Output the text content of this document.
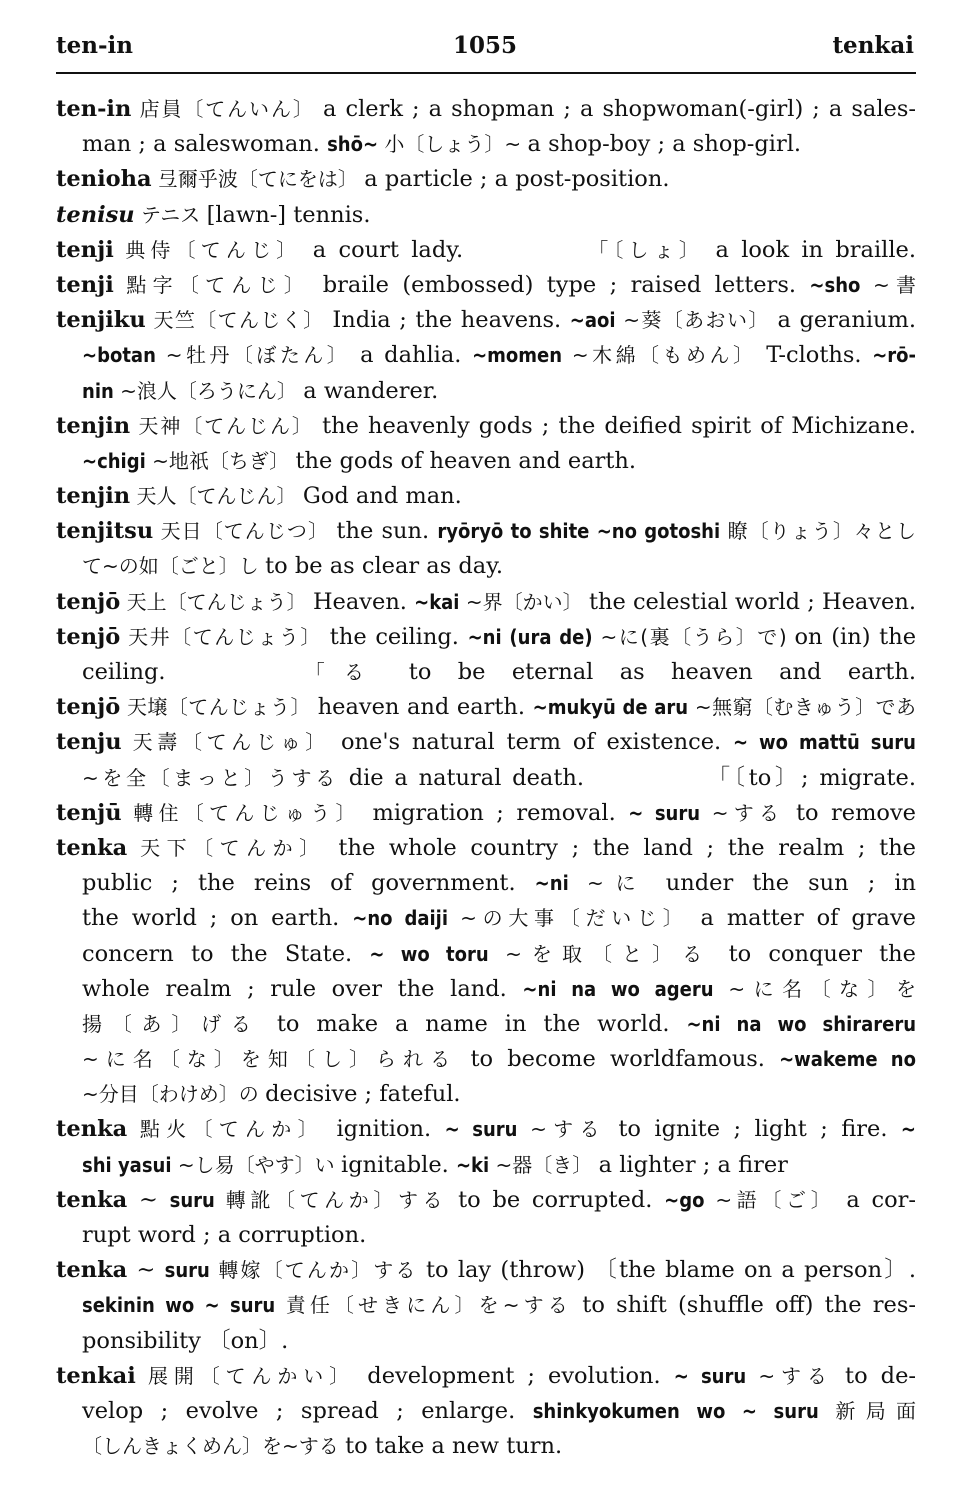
ten-in	1055	tenkai
ten-in 店員〔てんいん〕 a clerk ; a shopman ; a shopwoman(-girl) ; a sales-
man ; a saleswoman. shō~ 小〔しょう〕~ a shop-boy ; a shop-girl.
tenioha 弖爾乎波〔てにをは〕 a particle ; a post-position.
tenisu テニス [lawn-] tennis.
tenji 典侍〔てんじ〕 a court lady.	「〔しょ〕 a look in braille.
tenji 點字〔てんじ〕 braile (embossed) type ; raised letters. ~sho ~書
tenjiku 天竺〔てんじく〕 India ; the heavens. ~aoi ~葵〔あおい〕 a geranium.
~botan ~牡丹〔ぼたん〕 a dahlia. ~momen ~木綿〔もめん〕 T-cloths. ~rō-
nin ~浪人〔ろうにん〕 a wanderer.
tenjin 天神〔てんじん〕 the heavenly gods ; the deified spirit of Michizane.
~chigi ~地祇〔ちぎ〕 the gods of heaven and earth.
tenjin 天人〔てんじん〕 God and man.
tenjitsu 天日〔てんじつ〕 the sun. ryōryō to shite ~no gotoshi 瞭〔りょう〕々とし
て~の如〔ごと〕し to be as clear as day.
tenjō 天上〔てんじょう〕 Heaven. ~kai ~界〔かい〕 the celestial world ; Heaven.
tenjō 天井〔てんじょう〕 the ceiling. ~ni (ura de) ~に(裏〔うら〕で) on (in) the
ceiling.	「る to be eternal as heaven and earth.
tenjō 天壌〔てんじょう〕 heaven and earth. ~mukyū de aru ~無窮〔むきゅう〕であ
tenju 天壽〔てんじゅ〕 one's natural term of existence. ~ wo mattū suru
~を全〔まっと〕うする die a natural death.	「〔to〕; migrate.
tenjū 轉住〔てんじゅう〕 migration ; removal. ~ suru ~する to remove
tenka 天下〔てんか〕 the whole country ; the land ; the realm ; the
public ; the reins of government. ~ni ~に under the sun ; in
the world ; on earth. ~no daiji ~の大事〔だいじ〕 a matter of grave
concern to the State. ~ wo toru ~を取〔と〕る to conquer the
whole realm ; rule over the land. ~ni na wo ageru ~に名〔な〕を
揚〔あ〕げる to make a name in the world. ~ni na wo shirareru
~に名〔な〕を知〔し〕られる to become worldfamous. ~wakeme no
~分目〔わけめ〕の decisive ; fateful.
tenka 點火〔てんか〕 ignition. ~ suru ~する to ignite ; light ; fire. ~
shi yasui ~し易〔やす〕い ignitable. ~ki ~器〔き〕 a lighter ; a firer
tenka ~ suru 轉訛〔てんか〕する to be corrupted. ~go ~語〔ご〕 a cor-
rupt word ; a corruption.
tenka ~ suru 轉嫁〔てんか〕する to lay (throw) 〔the blame on a person〕.
sekinin wo ~ suru 責任〔せきにん〕を~する to shift (shuffle off) the res-
ponsibility 〔on〕.
tenkai 展開〔てんかい〕 development ; evolution. ~ suru ~する to de-
velop ; evolve ; spread ; enlarge. shinkyokumen wo ~ suru 新局面
〔しんきょくめん〕を~する to take a new turn.
